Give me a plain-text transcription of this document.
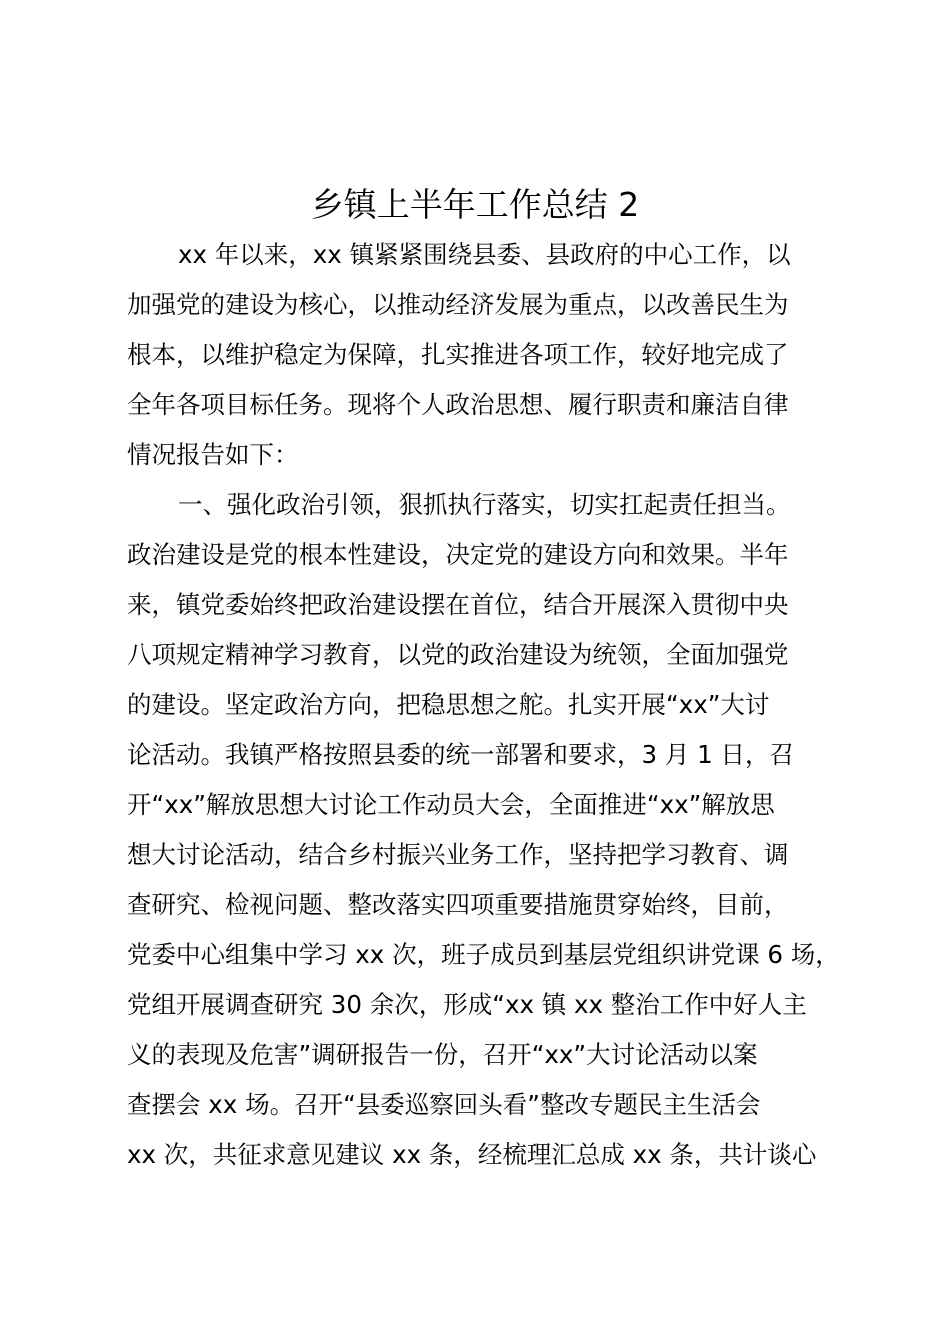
乡镇上半年工作总结 2

xx 年以来，xx 镇紧紧围绕县委、县政府的中心工作，以

加强党的建设为核心，以推动经济发展为重点，以改善民生为

根本，以维护稳定为保障，扎实推进各项工作，较好地完成了

全年各项目标任务。现将个人政治思想、履行职责和廉洁自律

情况报告如下：

一、强化政治引领，狠抓执行落实，切实扛起责任担当。

政治建设是党的根本性建设，决定党的建设方向和效果。半年

来，镇党委始终把政治建设摆在首位，结合开展深入贯彻中央

八项规定精神学习教育，以党的政治建设为统领，全面加强党

的建设。坚定政治方向，把稳思想之舵。扎实开展“xx”大讨

论活动。我镇严格按照县委的统一部署和要求，3 月 1 日，召

开“xx”解放思想大讨论工作动员大会，全面推进“xx”解放思

想大讨论活动，结合乡村振兴业务工作，坚持把学习教育、调

查研究、检视问题、整改落实四项重要措施贯穿始终，目前，

党委中心组集中学习 xx 次，班子成员到基层党组织讲党课 6 场，

党组开展调查研究 30 余次，形成“xx 镇 xx 整治工作中好人主

义的表现及危害”调研报告一份，召开“xx”大讨论活动以案

查摆会 xx 场。召开“县委巡察回头看”整改专题民主生活会

xx 次，共征求意见建议 xx 条，经梳理汇总成 xx 条，共计谈心
